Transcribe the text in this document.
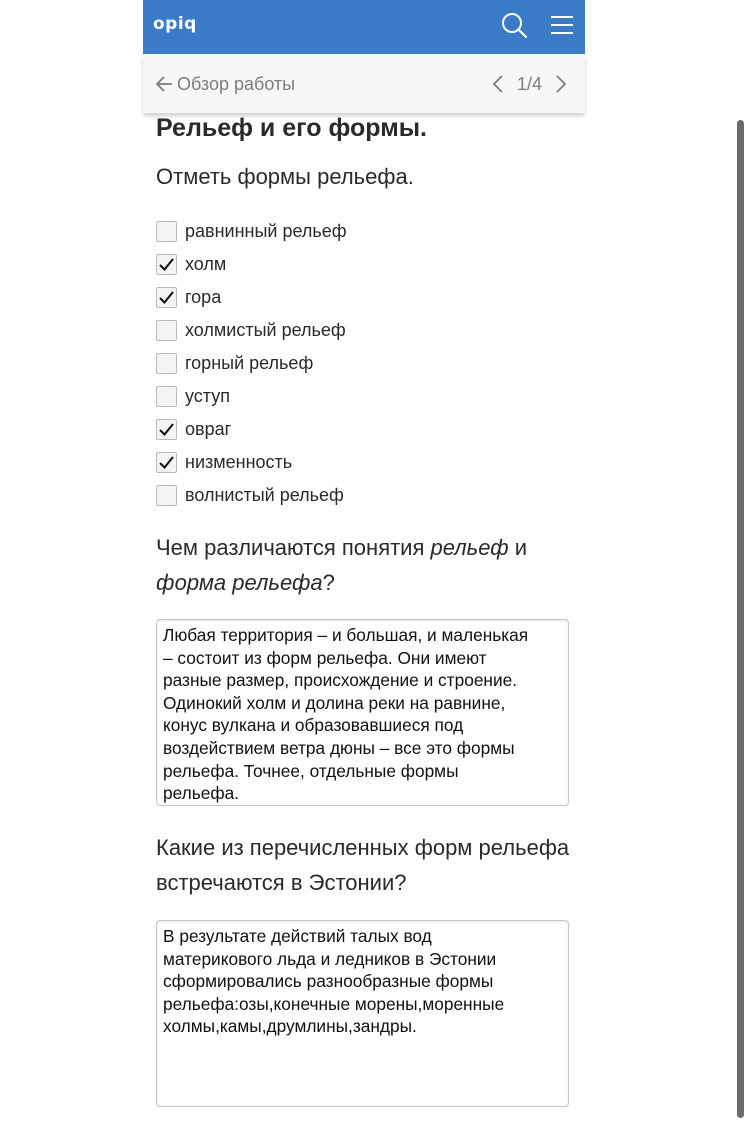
opiq
Обзор работы	1/4
Рельеф и его формы.
Отметь формы рельефа.
равнинный рельеф
холм
гора
холмистый рельеф
горный рельеф
уступ
овраг
низменность
волнистый рельеф
Чем различаются понятия рельеф и форма рельефа?
Любая территория – и большая, и маленькая
– состоит из форм рельефа. Они имеют
разные размер, происхождение и строение.
Одинокий холм и долина реки на равнине,
конус вулкана и образовавшиеся под
воздействием ветра дюны – все это формы
рельефа. Точнее, отдельные формы
рельефа.
Какие из перечисленных форм рельефа встречаются в Эстонии?
В результате действий талых вод
материкового льда и ледников в Эстонии
сформировались разнообразные формы
рельефа:озы,конечные морены,моренные
холмы,камы,друмлины,зандры.
